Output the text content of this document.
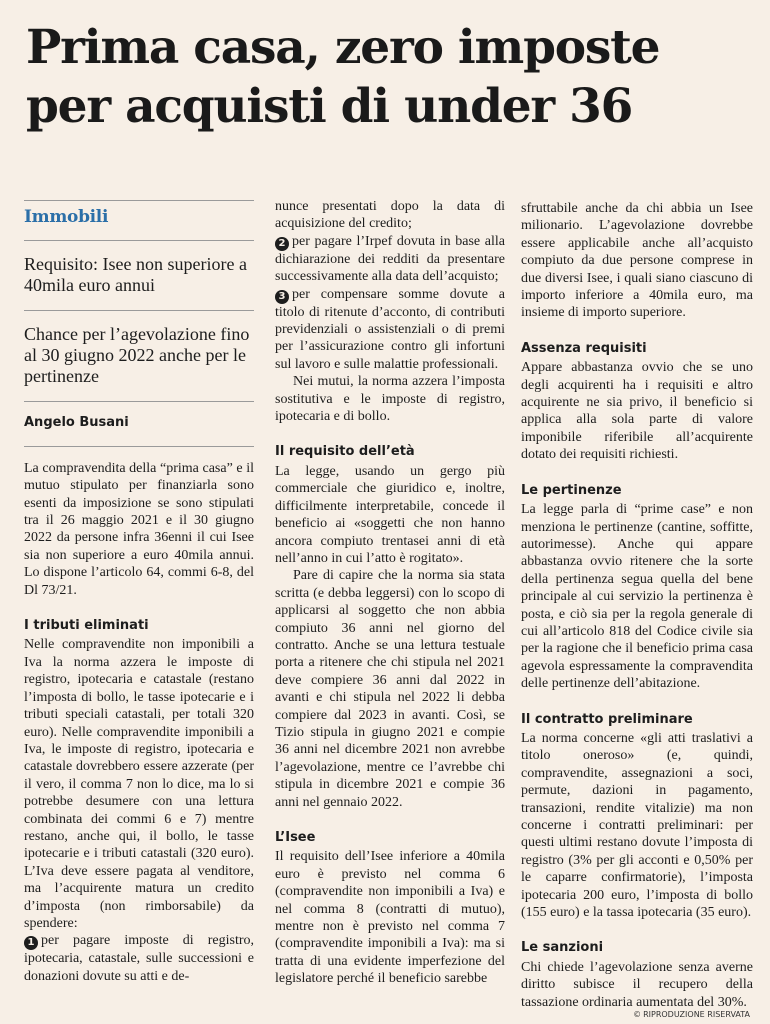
Prima casa, zero imposte
per acquisti di under 36
Immobili
Requisito: Isee non superiore a 40mila euro annui
Chance per l’agevolazione fino al 30 giugno 2022 anche per le pertinenze
Angelo Busani

La compravendita della “prima casa” e il mutuo stipulato per finanziarla sono esenti da imposizione se sono stipulati tra il 26 maggio 2021 e il 30 giugno 2022 da persone infra 36enni il cui Isee sia non superiore a euro 40mila annui. Lo dispone l’articolo 64, commi 6-8, del Dl 73/21.

I tributi eliminati

Nelle compravendite non imponibili a Iva la norma azzera le imposte di registro, ipotecaria e catastale (restano l’imposta di bollo, le tasse ipotecarie e i tributi speciali catastali, per totali 320 euro). Nelle compravendite imponibili a Iva, le imposte di registro, ipotecaria e catastale dovrebbero essere azzerate (per il vero, il comma 7 non lo dice, ma lo si potrebbe desumere con una lettura combinata dei commi 6 e 7) mentre restano, anche qui, il bollo, le tasse ipotecarie e i tributi catastali (320 euro). L’Iva deve essere pagata al venditore, ma l’acquirente matura un credito d’imposta (non rimborsabile) da spendere:

1 per pagare imposte di registro, ipotecaria, catastale, sulle successioni e donazioni dovute su atti e de-

nunce presentati dopo la data di acquisizione del credito;

2 per pagare l’Irpef dovuta in base alla dichiarazione dei redditi da presentare successivamente alla data dell’acquisto;

3 per compensare somme dovute a titolo di ritenute d’acconto, di contributi previdenziali o assistenziali o di premi per l’assicurazione contro gli infortuni sul lavoro e sulle malattie professionali.

Nei mutui, la norma azzera l’imposta sostitutiva e le imposte di registro, ipotecaria e di bollo.

Il requisito dell’età

La legge, usando un gergo più commerciale che giuridico e, inoltre, difficilmente interpretabile, concede il beneficio ai «soggetti che non hanno ancora compiuto trentasei anni di età nell’anno in cui l’atto è rogitato».

Pare di capire che la norma sia stata scritta (e debba leggersi) con lo scopo di applicarsi al soggetto che non abbia compiuto 36 anni nel giorno del contratto. Anche se una lettura testuale porta a ritenere che chi stipula nel 2021 deve compiere 36 anni dal 2022 in avanti e chi stipula nel 2022 li debba compiere dal 2023 in avanti. Così, se Tizio stipula in giugno 2021 e compie 36 anni nel dicembre 2021 non avrebbe l’agevolazione, mentre ce l’avrebbe chi stipula in dicembre 2021 e compie 36 anni nel gennaio 2022.

L’Isee

Il requisito dell’Isee inferiore a 40mila euro è previsto nel comma 6 (compravendite non imponibili a Iva) e nel comma 8 (contratti di mutuo), mentre non è previsto nel comma 7 (compravendite imponibili a Iva): ma si tratta di una evidente imperfezione del legislatore perché il beneficio sarebbe

sfruttabile anche da chi abbia un Isee milionario. L’agevolazione dovrebbe essere applicabile anche all’acquisto compiuto da due persone comprese in due diversi Isee, i quali siano ciascuno di importo inferiore a 40mila euro, ma insieme di importo superiore.

Assenza requisiti

Appare abbastanza ovvio che se uno degli acquirenti ha i requisiti e altro acquirente ne sia privo, il beneficio si applica alla sola parte di valore imponibile riferibile all’acquirente dotato dei requisiti richiesti.

Le pertinenze

La legge parla di “prime case” e non menziona le pertinenze (cantine, soffitte, autorimesse). Anche qui appare abbastanza ovvio ritenere che la sorte della pertinenza segua quella del bene principale al cui servizio la pertinenza è posta, e ciò sia per la regola generale di cui all’articolo 818 del Codice civile sia per la ragione che il beneficio prima casa agevola espressamente la compravendita delle pertinenze dell’abitazione.

Il contratto preliminare

La norma concerne «gli atti traslativi a titolo oneroso» (e, quindi, compravendite, assegnazioni a soci, permute, dazioni in pagamento, transazioni, rendite vitalizie) ma non concerne i contratti preliminari: per questi ultimi restano dovute l’imposta di registro (3% per gli acconti e 0,50% per le caparre confirmatorie), l’imposta ipotecaria 200 euro, l’imposta di bollo (155 euro) e la tassa ipotecaria (35 euro).

Le sanzioni

Chi chiede l’agevolazione senza averne diritto subisce il recupero della tassazione ordinaria aumentata del 30%.

© RIPRODUZIONE RISERVATA
